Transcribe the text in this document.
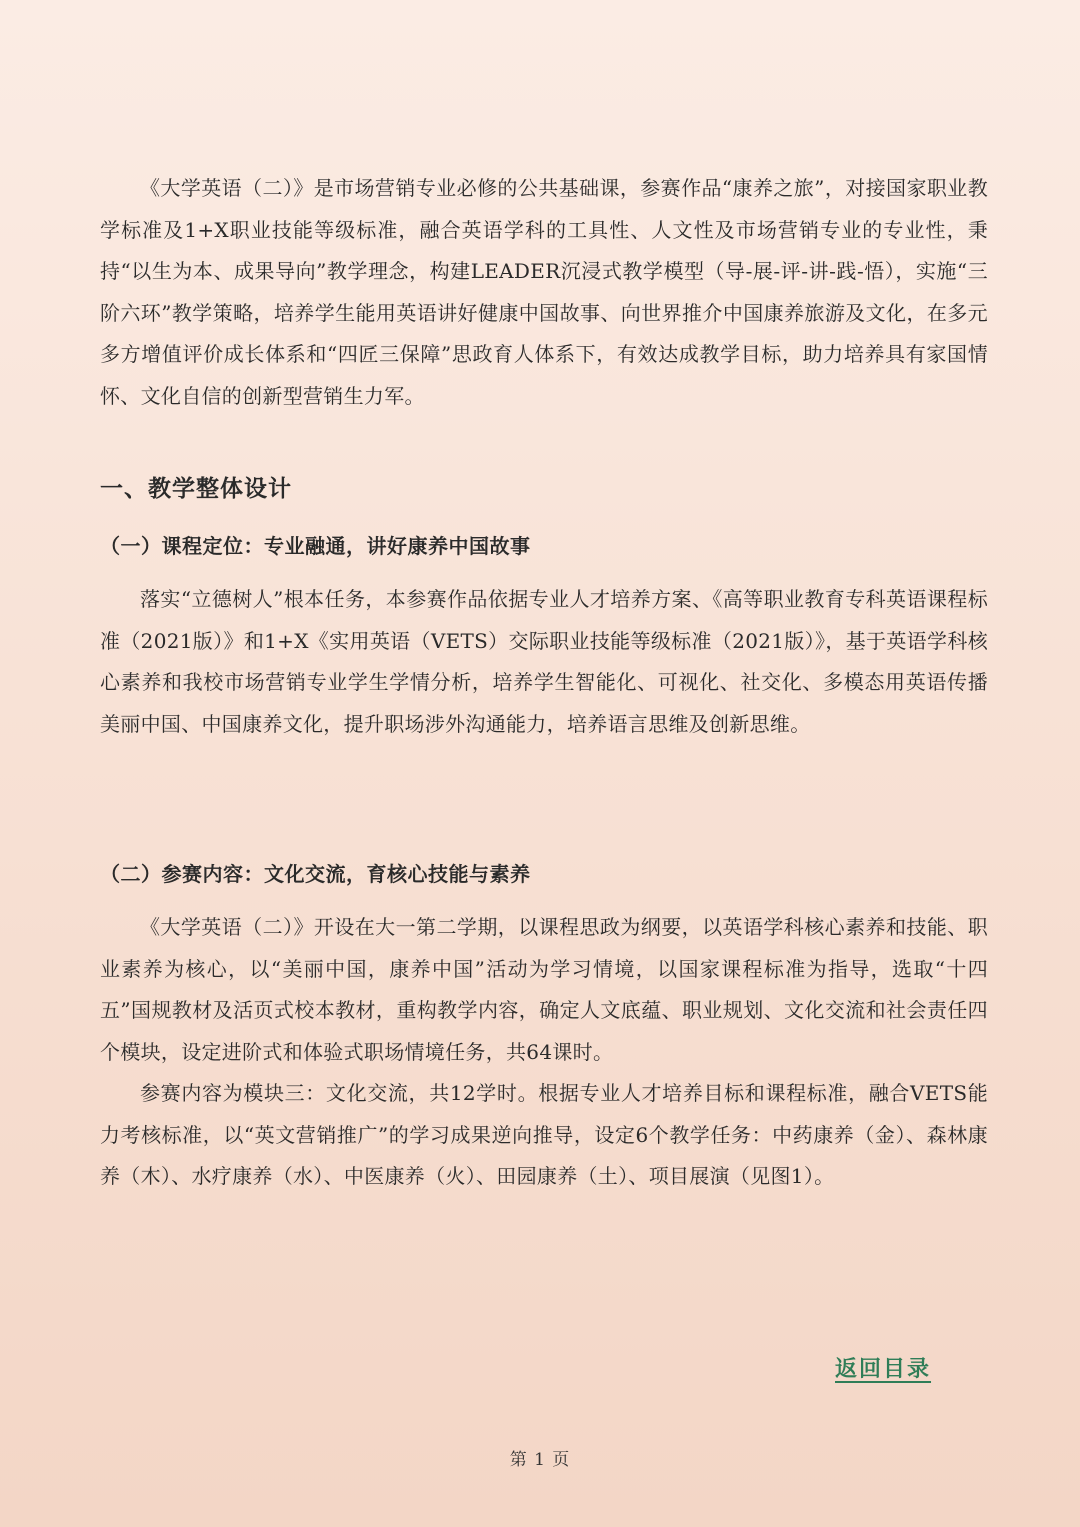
《大学英语（二）》是市场营销专业必修的公共基础课，参赛作品“康养之旅”，对接国家职业教学标准及1+X职业技能等级标准，融合英语学科的工具性、人文性及市场营销专业的专业性，秉持“以生为本、成果导向”教学理念，构建LEADER沉浸式教学模型（导-展-评-讲-践-悟），实施“三阶六环”教学策略，培养学生能用英语讲好健康中国故事、向世界推介中国康养旅游及文化，在多元多方增值评价成长体系和“四匠三保障”思政育人体系下，有效达成教学目标，助力培养具有家国情怀、文化自信的创新型营销生力军。

一、教学整体设计
（一）课程定位：专业融通，讲好康养中国故事

落实“立德树人”根本任务，本参赛作品依据专业人才培养方案、《高等职业教育专科英语课程标准（2021版）》和1+X《实用英语（VETS）交际职业技能等级标准（2021版）》，基于英语学科核心素养和我校市场营销专业学生学情分析，培养学生智能化、可视化、社交化、多模态用英语传播美丽中国、中国康养文化，提升职场涉外沟通能力，培养语言思维及创新思维。

（二）参赛内容：文化交流，育核心技能与素养

《大学英语（二）》开设在大一第二学期，以课程思政为纲要，以英语学科核心素养和技能、职业素养为核心，以“美丽中国，康养中国”活动为学习情境，以国家课程标准为指导，选取“十四五”国规教材及活页式校本教材，重构教学内容，确定人文底蕴、职业规划、文化交流和社会责任四个模块，设定进阶式和体验式职场情境任务，共64课时。

参赛内容为模块三：文化交流，共12学时。根据专业人才培养目标和课程标准，融合VETS能力考核标准，以“英文营销推广”的学习成果逆向推导，设定6个教学任务：中药康养（金）、森林康养（木）、水疗康养（水）、中医康养（火）、田园康养（土）、项目展演（见图1）。

返回目录
第 1 页
